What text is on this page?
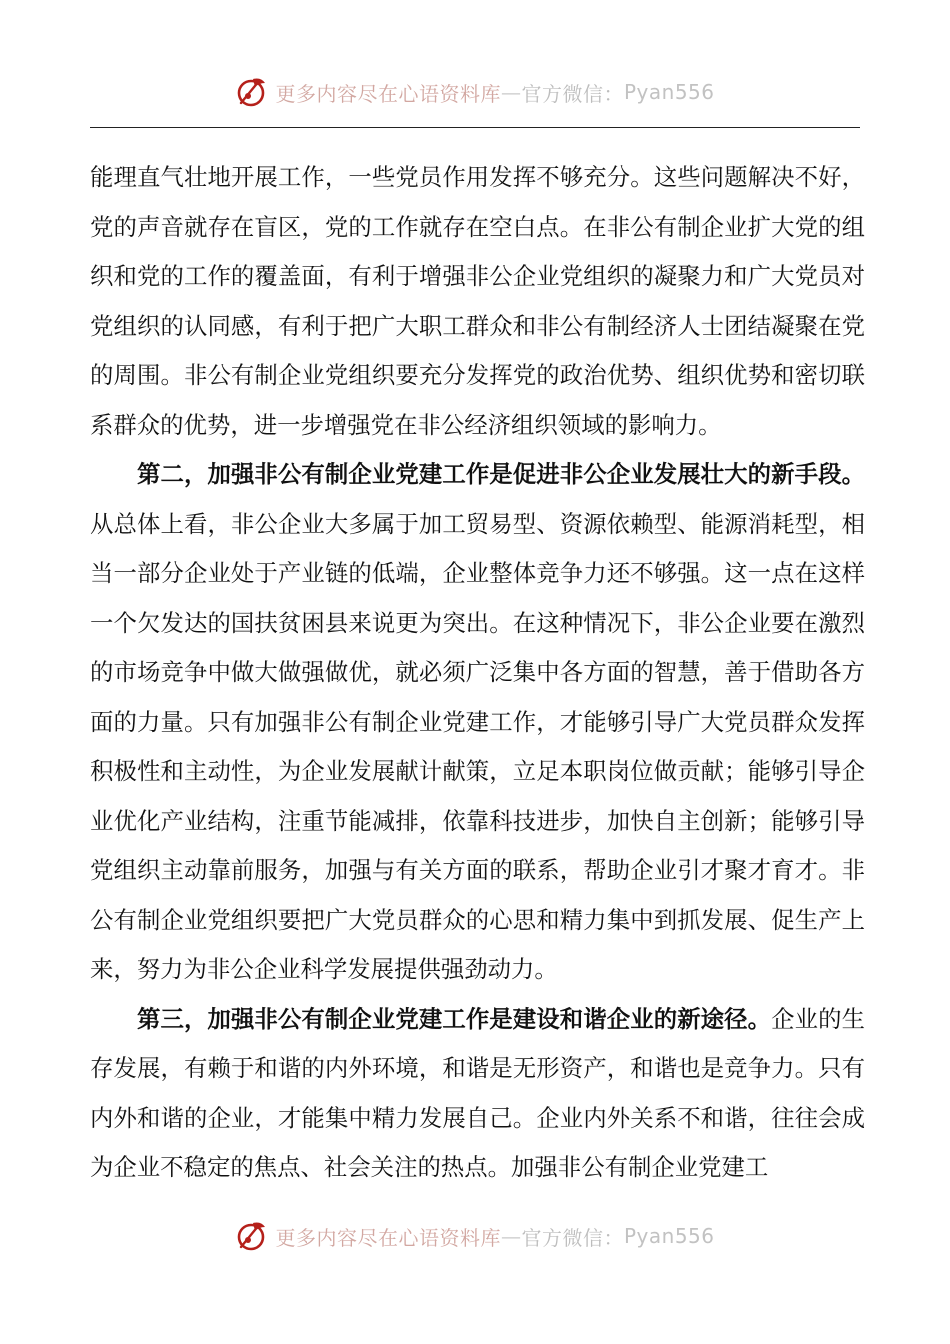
更多内容尽在心语资料库 — 官方微信： Pyan556

能理直气壮地开展工作，一些党员作用发挥不够充分。这些问题解决不好，党的声音就存在盲区，党的工作就存在空白点。在非公有制企业扩大党的组织和党的工作的覆盖面，有利于增强非公企业党组织的凝聚力和广大党员对党组织的认同感，有利于把广大职工群众和非公有制经济人士团结凝聚在党的周围。非公有制企业党组织要充分发挥党的政治优势、组织优势和密切联系群众的优势，进一步增强党在非公经济组织领域的影响力。

第二，加强非公有制企业党建工作是促进非公企业发展壮大的新手段。从总体上看，非公企业大多属于加工贸易型、资源依赖型、能源消耗型，相当一部分企业处于产业链的低端，企业整体竞争力还不够强。这一点在这样一个欠发达的国扶贫困县来说更为突出。在这种情况下，非公企业要在激烈的市场竞争中做大做强做优，就必须广泛集中各方面的智慧，善于借助各方面的力量。只有加强非公有制企业党建工作，才能够引导广大党员群众发挥积极性和主动性，为企业发展献计献策，立足本职岗位做贡献；能够引导企业优化产业结构，注重节能减排，依靠科技进步，加快自主创新；能够引导党组织主动靠前服务，加强与有关方面的联系，帮助企业引才聚才育才。非公有制企业党组织要把广大党员群众的心思和精力集中到抓发展、促生产上来，努力为非公企业科学发展提供强劲动力。

第三，加强非公有制企业党建工作是建设和谐企业的新途径。企业的生存发展，有赖于和谐的内外环境，和谐是无形资产，和谐也是竞争力。只有内外和谐的企业，才能集中精力发展自己。企业内外关系不和谐，往往会成为企业不稳定的焦点、社会关注的热点。加强非公有制企业党建工

更多内容尽在心语资料库 — 官方微信： Pyan556
